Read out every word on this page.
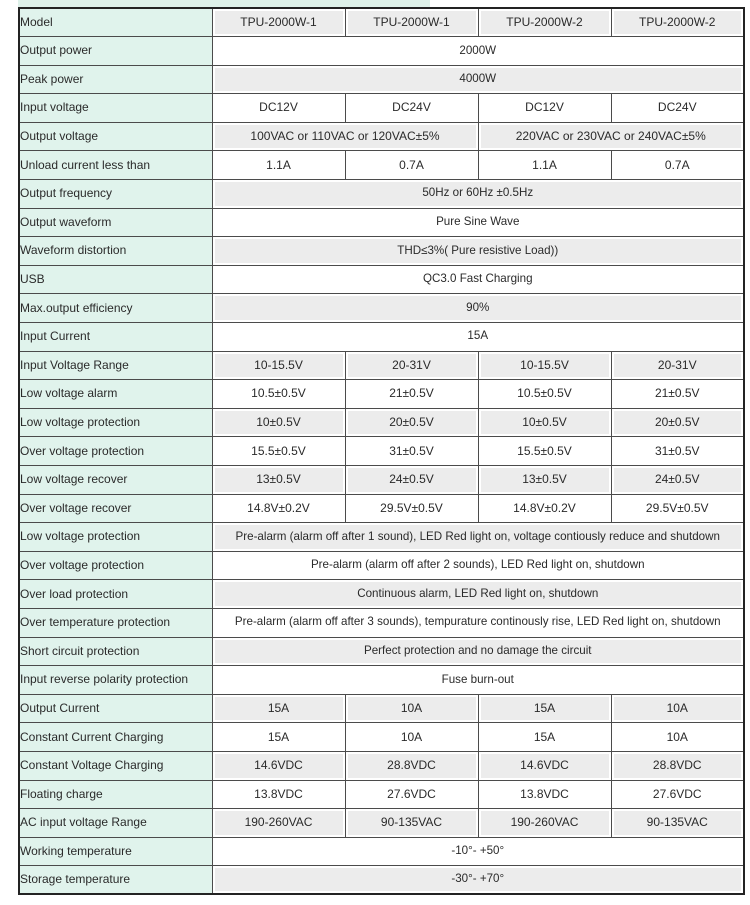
Model	TPU-2000W-1	TPU-2000W-1	TPU-2000W-2	TPU-2000W-2
Output power	2000W			
Peak power	4000W			
Input voltage	DC12V	DC24V	DC12V	DC24V
Output voltage	100VAC or 110VAC or 120VAC±5%		220VAC or 230VAC or 240VAC±5%	
Unload current less than	1.1A	0.7A	1.1A	0.7A
Output frequency	50Hz or 60Hz ±0.5Hz			
Output waveform	Pure Sine Wave			
Waveform distortion	THD≤3%( Pure resistive Load))			
USB	QC3.0 Fast Charging			
Max.output efficiency	90%			
Input Current	15A			
Input Voltage Range	10-15.5V	20-31V	10-15.5V	20-31V
Low voltage alarm	10.5±0.5V	21±0.5V	10.5±0.5V	21±0.5V
Low voltage protection	10±0.5V	20±0.5V	10±0.5V	20±0.5V
Over voltage protection	15.5±0.5V	31±0.5V	15.5±0.5V	31±0.5V
Low voltage recover	13±0.5V	24±0.5V	13±0.5V	24±0.5V
Over voltage recover	14.8V±0.2V	29.5V±0.5V	14.8V±0.2V	29.5V±0.5V
Low voltage protection	Pre-alarm (alarm off after 1 sound), LED Red light on, voltage contiously reduce and shutdown			
Over voltage protection	Pre-alarm (alarm off after 2 sounds), LED Red light on, shutdown			
Over load protection	Continuous alarm, LED Red light on, shutdown			
Over temperature protection	Pre-alarm (alarm off after 3 sounds), tempurature continously rise, LED Red light on, shutdown			
Short circuit protection	Perfect protection and no damage the circuit			
Input reverse polarity protection	Fuse burn-out			
Output Current	15A	10A	15A	10A
Constant Current Charging	15A	10A	15A	10A
Constant Voltage Charging	14.6VDC	28.8VDC	14.6VDC	28.8VDC
Floating charge	13.8VDC	27.6VDC	13.8VDC	27.6VDC
AC input voltage Range	190-260VAC	90-135VAC	190-260VAC	90-135VAC
Working temperature	-10°- +50°			
Storage temperature	-30°- +70°			
